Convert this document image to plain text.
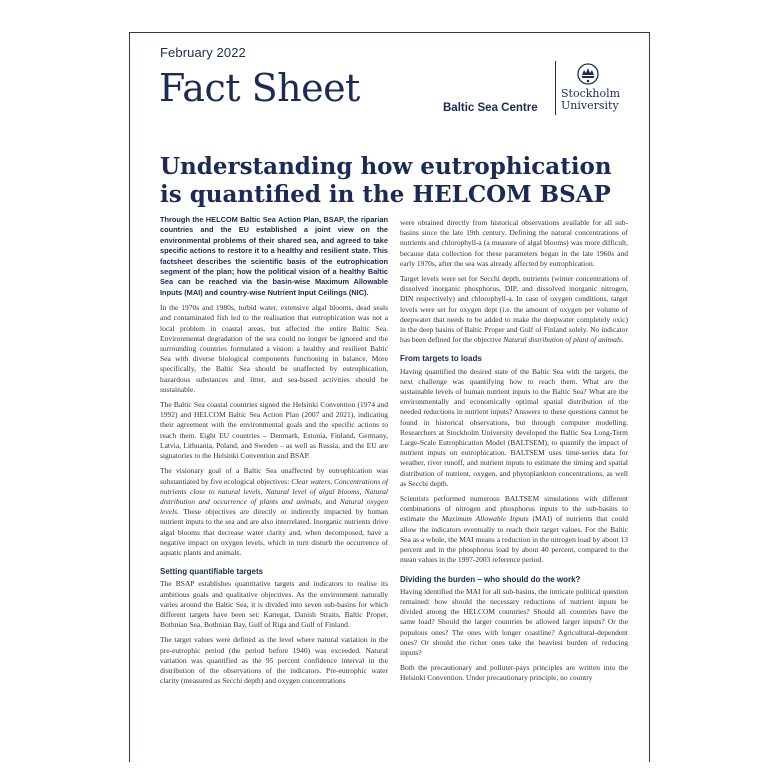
February 2022
Fact Sheet	Baltic Sea Centre
Stockholm
University
Understanding how eutrophication
is quantified in the HELCOM BSAP

Through the HELCOM Baltic Sea Action Plan, BSAP, the riparian countries and the EU established a joint view on the environmental problems of their shared sea, and agreed to take specific actions to restore it to a healthy and resilient state. This factsheet describes the scientific basis of the eutrophication segment of the plan; how the political vision of a healthy Baltic Sea can be reached via the basin-wise Maximum Allowable Inputs (MAI) and country-wise Nutrient Input Ceilings (NIC).

In the 1970s and 1980s, turbid water, extensive algal blooms, dead seals and contaminated fish led to the realisation that eutrophication was not a local problem in coastal areas, but affected the entire Baltic Sea. Environmental degradation of the sea could no longer be ignored and the surrounding countries formulated a vision: a healthy and resilient Baltic Sea with diverse biological components functioning in balance. More specifically, the Baltic Sea should be unaffected by eutrophication, hazardous substances and litter, and sea-based activities should be sustainable.

The Baltic Sea coastal countries signed the Helsinki Convention (1974 and 1992) and HELCOM Baltic Sea Action Plan (2007 and 2021), indicating their agreement with the environmental goals and the specific actions to reach them. Eight EU countries – Denmark, Estonia, Finland, Germany, Latvia, Lithuania, Poland, and Sweden – as well as Russia, and the EU are signatories to the Helsinki Convention and BSAP.

The visionary goal of a Baltic Sea unaffected by eutrophication was substantiated by five ecological objectives: Clear waters, Concentrations of nutrients close to natural levels, Natural level of algal blooms, Natural distribution and occurrence of plants and animals, and Natural oxygen levels. These objectives are directly or indirectly impacted by human nutrient inputs to the sea and are also interrelated. Inorganic nutrients drive algal blooms that decrease water clarity and, when decomposed, have a negative impact on oxygen levels, which in turn disturb the occurrence of aquatic plants and animals.

Setting quantifiable targets

The BSAP establishes quantitative targets and indicators to realise its ambitious goals and qualitative objectives. As the environment naturally varies around the Baltic Sea, it is divided into seven sub-basins for which different targets have been set: Kattegat, Danish Straits, Baltic Proper, Bothnian Sea, Bothnian Bay, Gulf of Riga and Gulf of Finland.

The target values were defined as the level where natural variation in the pre-eutrophic period (the period before 1940) was exceeded. Natural variation was quantified as the 95 percent confidence interval in the distribution of the observations of the indicators. Pre-eutrophic water clarity (measured as Secchi depth) and oxygen concentrations

were obtained directly from historical observations available for all sub-basins since the late 19th century. Defining the natural concentrations of nutrients and chlorophyll-a (a measure of algal blooms) was more difficult, because data collection for these parameters began in the late 1960s and early 1970s, after the sea was already affected by eutrophication.

Target levels were set for Secchi depth, nutrients (winter concentrations of dissolved inorganic phosphorus, DIP, and dissolved inorganic nitrogen, DIN respectively) and chlorophyll-a. In case of oxygen conditions, target levels were set for oxygen dept (i.e. the amount of oxygen per volume of deepwater that needs to be added to make the deepwater completely oxic) in the deep basins of Baltic Proper and Gulf of Finland solely. No indicator has been defined for the objective Natural distribution of plant of animals.

From targets to loads

Having quantified the desired state of the Baltic Sea with the targets, the next challenge was quantifying how to reach them. What are the sustainable levels of human nutrient inputs to the Baltic Sea? What are the environmentally and economically optimal spatial distribution of the needed reductions in nutrient inputs? Answers to these questions cannot be found in historical observations, but through computer modelling. Researchers at Stockholm University developed the Baltic Sea Long-Term Large-Scale Eutrophication Model (BALTSEM), to quantify the impact of nutrient inputs on eutrophication. BALTSEM uses time-series data for weather, river runoff, and nutrient inputs to estimate the timing and spatial distribution of nutrient, oxygen, and phytoplankton concentrations, as well as Secchi depth.

Scientists performed numerous BALTSEM simulations with different combinations of nitrogen and phosphorus inputs to the sub-basins to estimate the Maximum Allowable Inputs (MAI) of nutrients that could allow the indicators eventually to reach their target values. For the Baltic Sea as a whole, the MAI means a reduction in the nitrogen load by about 13 percent and in the phosphorus load by about 40 percent, compared to the mean values in the 1997-2003 reference period.

Dividing the burden – who should do the work?

Having identified the MAI for all sub-basins, the intricate political question remained: how should the necessary reductions of nutrient inputs be divided among the HELCOM countries? Should all countries have the same load? Should the larger countries be allowed larger inputs? Or the populous ones? The ones with longer coastline? Agricultural-dependent ones? Or should the richer ones take the heaviest burden of reducing inputs?

Both the precautionary and polluter-pays principles are written into the Helsinki Convention. Under precautionary principle, no country
